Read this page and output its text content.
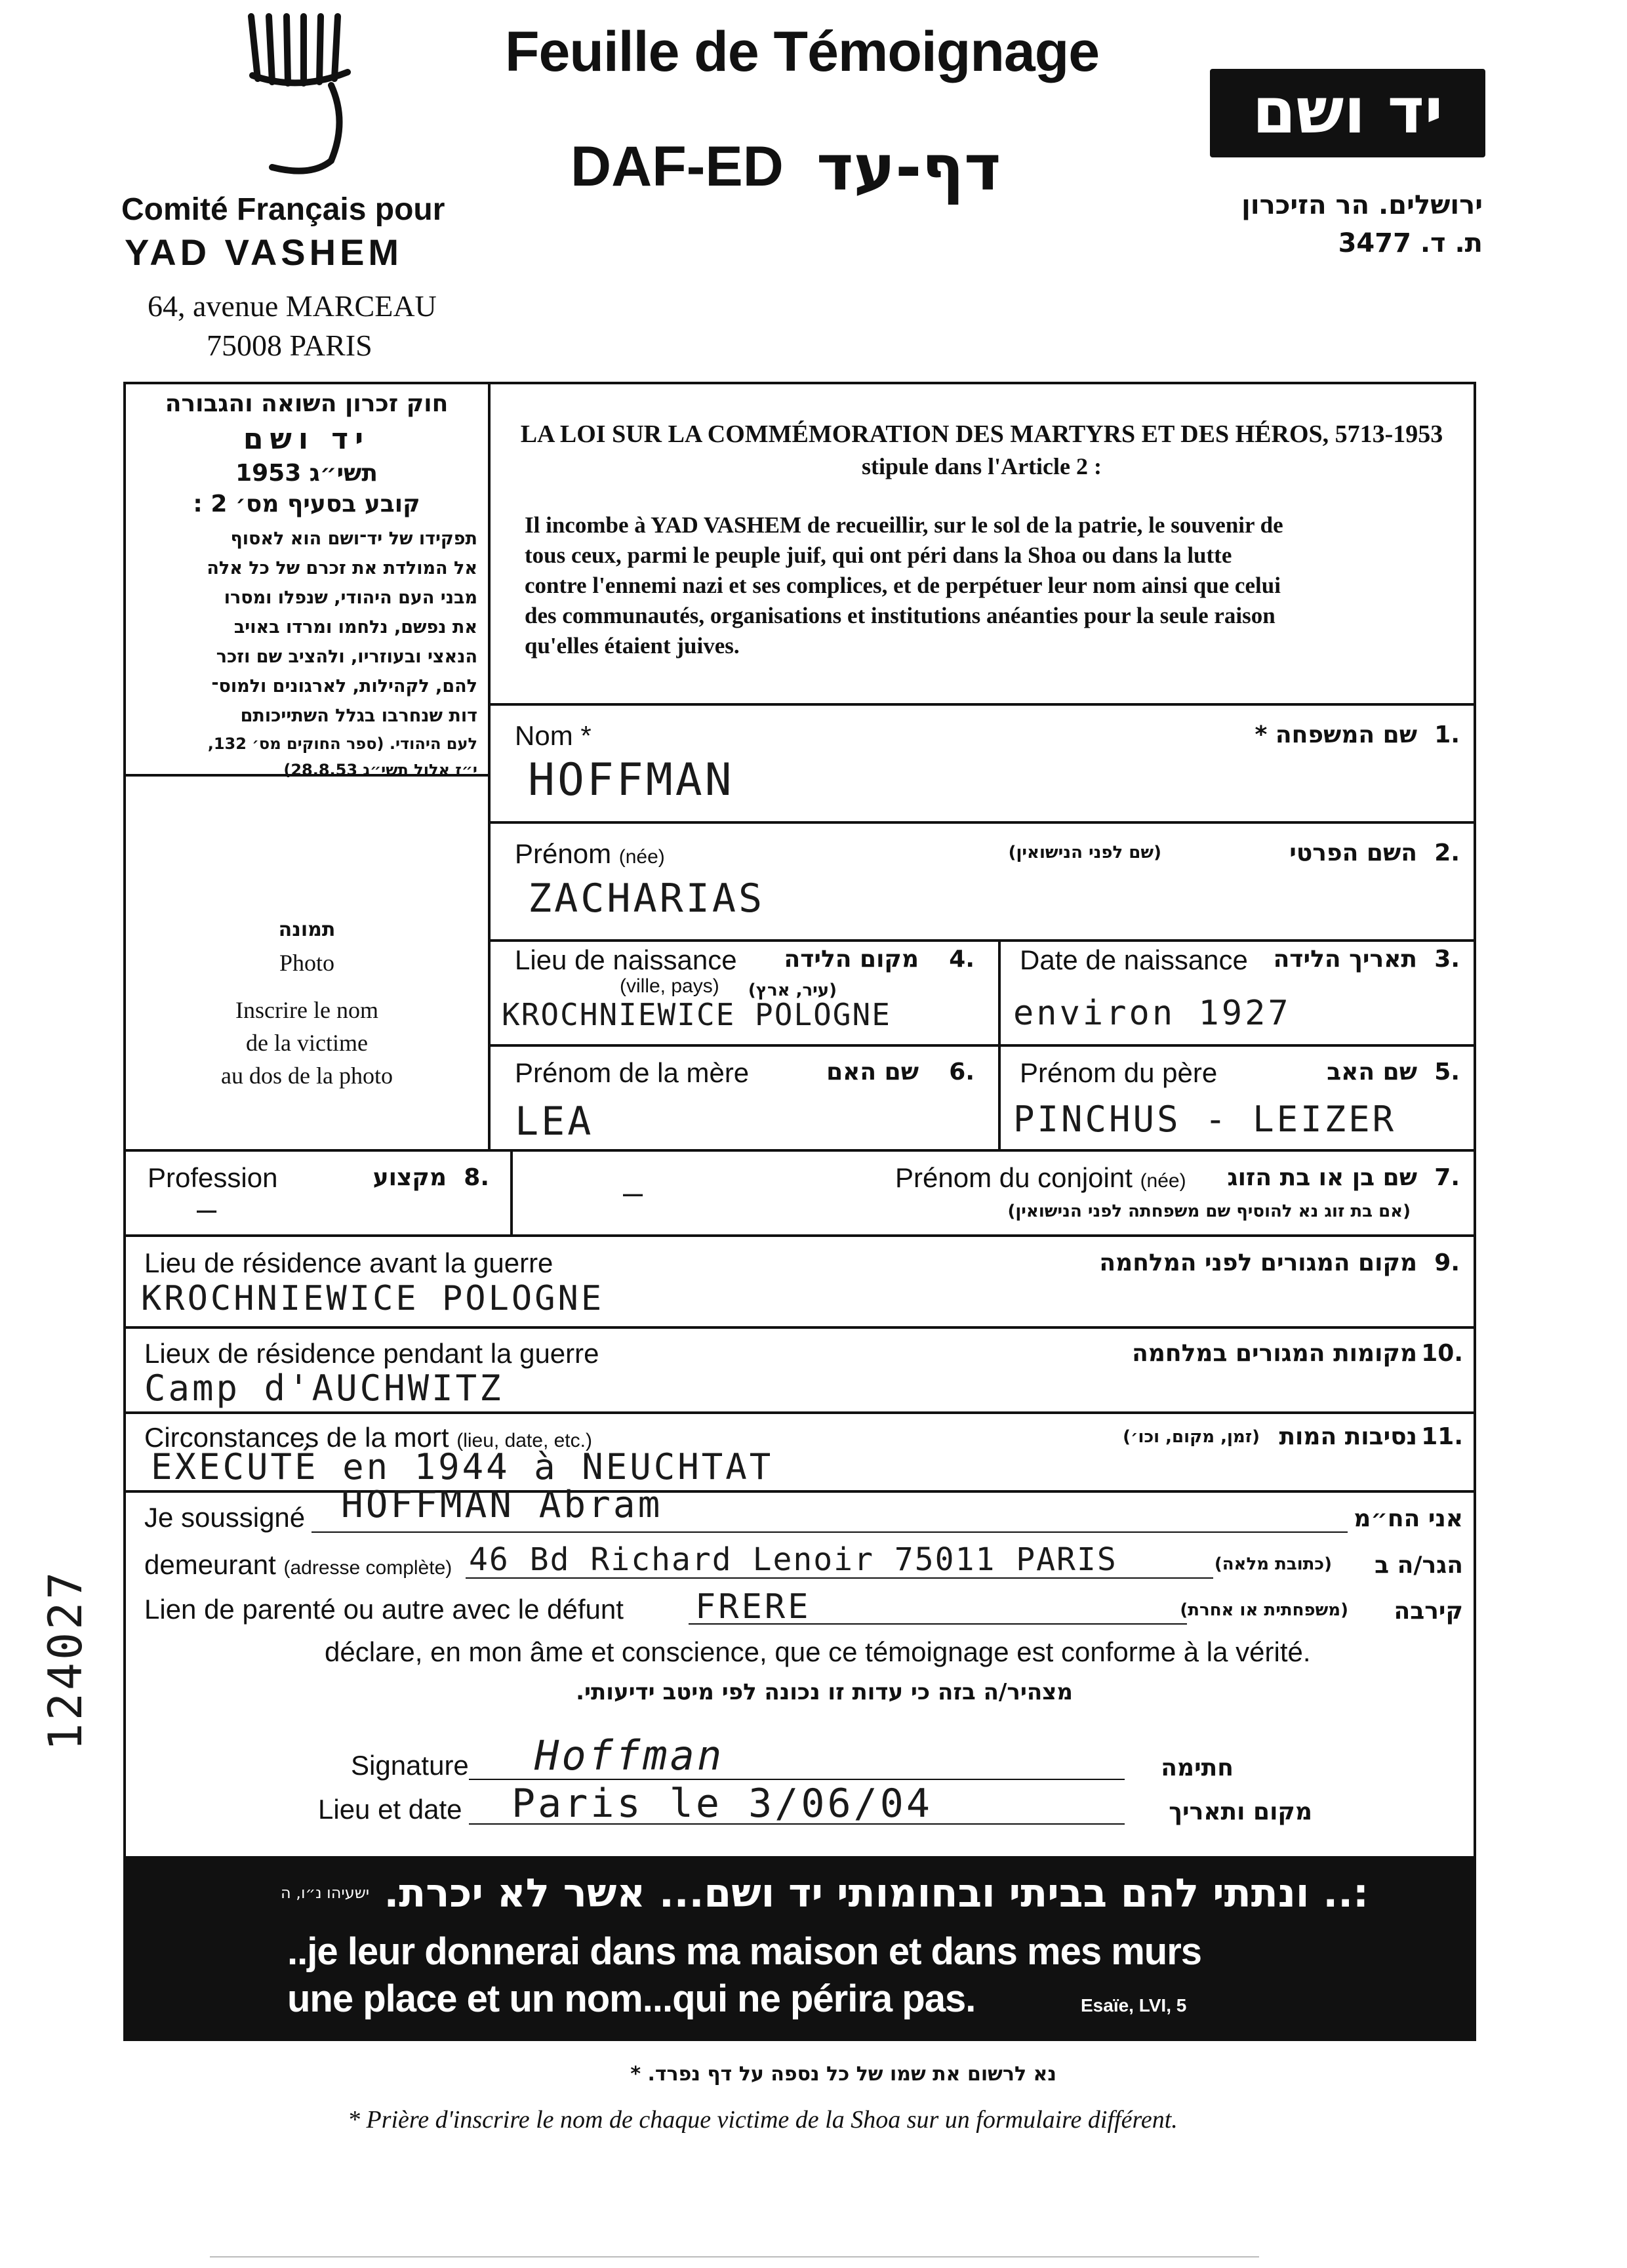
Feuille de Témoignage
DAF-ED דף-עד
Comité Français pour
YAD VASHEM
64, avenue MARCEAU
75008 PARIS
יד ושם
ירושלים. הר הזיכרון
ת. ד. 3477
חוק זכרון השואה והגבורה
יד ושם
תשי״ג 1953
קובע בסעיף מס׳ 2 :
תפקידו של יד־ושם הוא לאסוף
אל המולדת את זכרם של כל אלה
מבני העם היהודי, שנפלו ומסרו
את נפשם, נלחמו ומרדו באויב
הנאצי ובעוזריו, ולהציב שם וזכר
להם, לקהילות, לארגונים ולמוס־
דות שנחרבו בגלל השתייכותם
לעם היהודי. (ספר החוקים מס׳ 132,
י״ז אלול תשי״ג 28.8.53)
LA LOI SUR LA COMMÉMORATION DES MARTYRS ET DES HÉROS, 5713-1953
stipule dans l'Article 2 :
Il incombe à YAD VASHEM de recueillir, sur le sol de la patrie, le souvenir de
tous ceux, parmi le peuple juif, qui ont péri dans la Shoa ou dans la lutte
contre l'ennemi nazi et ses complices, et de perpétuer leur nom ainsi que celui
des communautés, organisations et institutions anéanties pour la seule raison
qu'elles étaient juives.
תמונה
Photo
Inscrire le nom
de la victime
au dos de la photo
Nom *	שם המשפחה * .1
HOFFMAN
Prénom (née)	(שם לפני הנישואין)	השם הפרטי .2
ZACHARIAS
Lieu de naissance מקום הלידה .4
(ville, pays) (עיר, ארץ)
KROCHNIEWICE POLOGNE
Date de naissance תאריך הלידה .3
environ 1927
Prénom de la mère	שם האם .6
LEA
Prénom du père	שם האב .5
PINCHUS - LEIZER
Profession	מקצוע .8
—
Prénom du conjoint (née) שם בן או בת הזוג .7
(אם בת זוג נא להוסיף שם משפחתה לפני הנישואין)
—
Lieu de résidence avant la guerre	מקום המגורים לפני המלחמה .9
KROCHNIEWICE POLOGNE
Lieux de résidence pendant la guerre	מקומות המגורים במלחמה .10
Camp d'AUCHWITZ
Circonstances de la mort (lieu, date, etc.)	(זמן, מקום, וכו׳) נסיבות המות .11
EXECUTÉ en 1944 à NEUCHTAT
Je soussigné HOFFMAN Abram	אני הח״מ
demeurant (adresse complète) 46 Bd Richard Lenoir 75011 PARIS	(כתובת מלאה) הגר/ה ב
Lien de parenté ou autre avec le défunt FRERE	(משפחתית או אחרת) קירבה
déclare, en mon âme et conscience, que ce témoignage est conforme à la vérité.
מצהיר/ה בזה כי עדות זו נכונה לפי מיטב ידיעותי.
Signature Hoffman	חתימה
Lieu et date Paris le 3/06/04	מקום ותאריך
ישעיהו נ״ו, ה :.. ונתתי להם בביתי ובחומותי יד ושם... אשר לא יכרת.
..je leur donnerai dans ma maison et dans mes murs
une place et un nom...qui ne périra pas.	Esaïe, LVI, 5
נא לרשום את שמו של כל נספה על דף נפרד. *
* Prière d'inscrire le nom de chaque victime de la Shoa sur un formulaire différent.
124027
